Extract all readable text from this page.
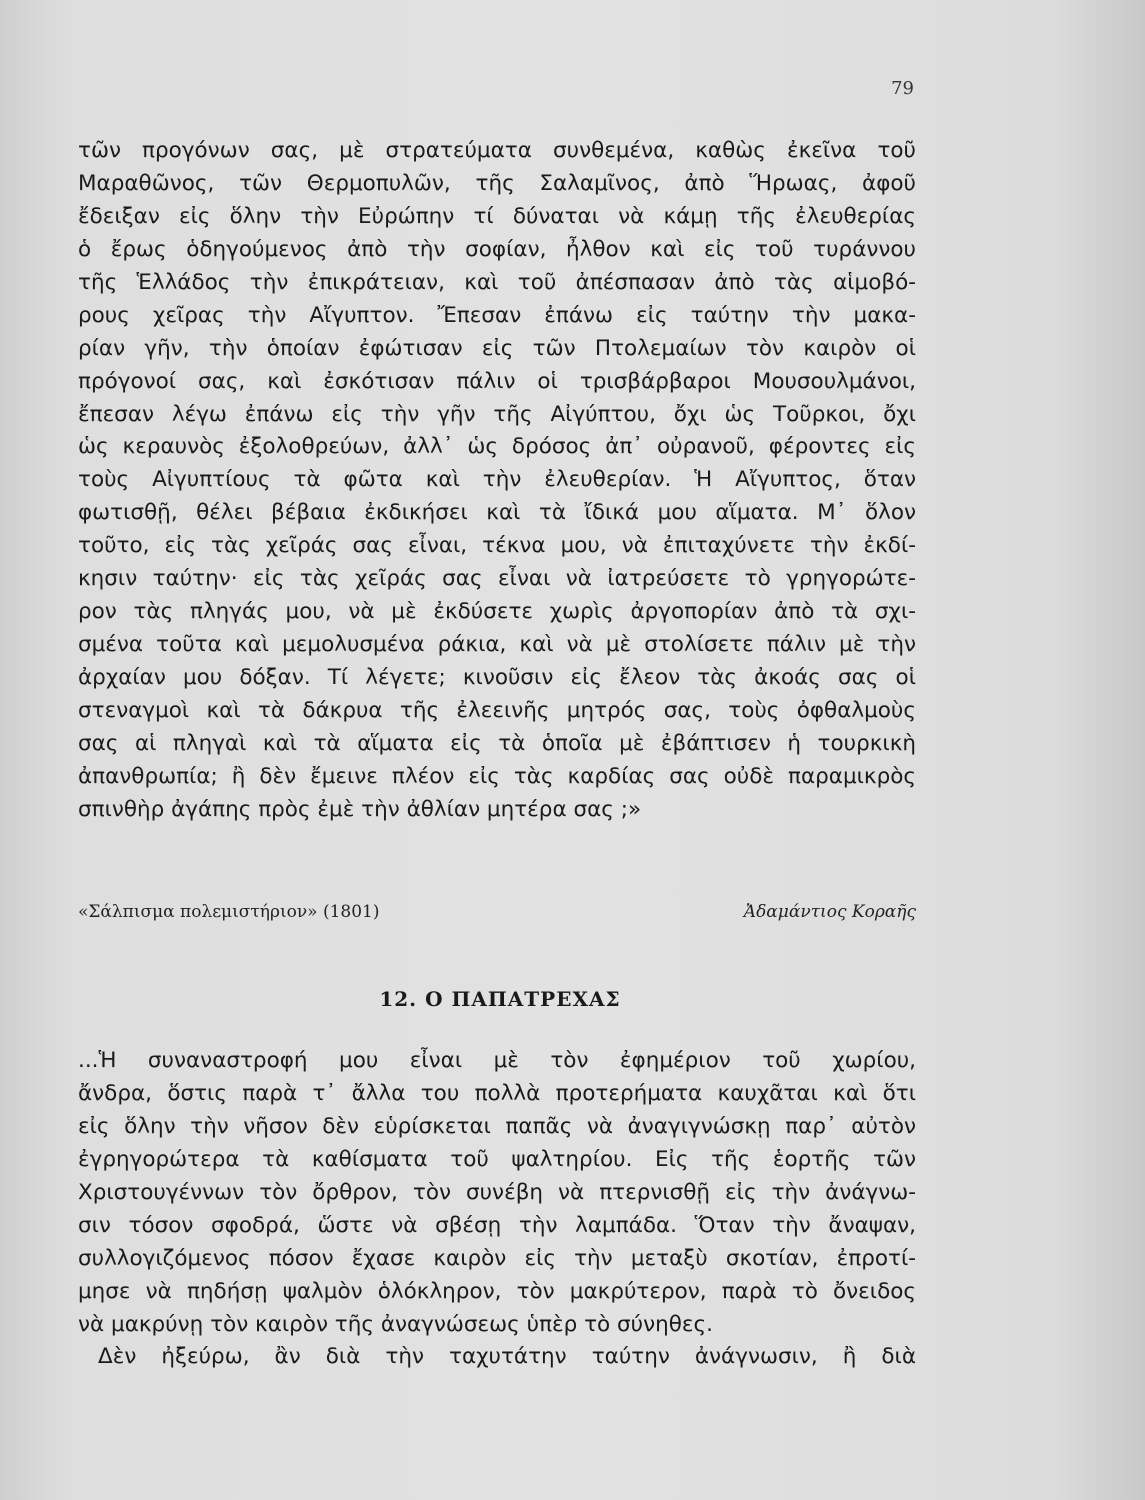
79
τῶν προγόνων σας, μὲ στρατεύματα συνθεμένα, καθὼς ἐκεῖνα τοῦ
Μαραθῶνος, τῶν Θερμοπυλῶν, τῆς Σαλαμῖνος, ἀπὸ Ἥρωας, ἀφοῦ
ἔδειξαν εἰς ὅλην τὴν Εὐρώπην τί δύναται νὰ κάμῃ τῆς ἐλευθερίας
ὁ ἔρως ὁδηγούμενος ἀπὸ τὴν σοφίαν, ἦλθον καὶ εἰς τοῦ τυράννου
τῆς Ἑλλάδος τὴν ἐπικράτειαν, καὶ τοῦ ἀπέσπασαν ἀπὸ τὰς αἱμοβό-
ρους χεῖρας τὴν Αἴγυπτον. Ἔπεσαν ἐπάνω εἰς ταύτην τὴν μακα-
ρίαν γῆν, τὴν ὁποίαν ἐφώτισαν εἰς τῶν Πτολεμαίων τὸν καιρὸν οἱ
πρόγονοί σας, καὶ ἐσκότισαν πάλιν οἱ τρισβάρβαροι Μουσουλμάνοι,
ἔπεσαν λέγω ἐπάνω εἰς τὴν γῆν τῆς Αἰγύπτου, ὄχι ὡς Τοῦρκοι, ὄχι
ὡς κεραυνὸς ἐξολοθρεύων, ἀλλ᾽ ὡς δρόσος ἀπ᾽ οὐρανοῦ, φέροντες εἰς
τοὺς Αἰγυπτίους τὰ φῶτα καὶ τὴν ἐλευθερίαν. Ἡ Αἴγυπτος, ὅταν
φωτισθῇ, θέλει βέβαια ἐκδικήσει καὶ τὰ ἴδικά μου αἵματα. Μ᾽ ὅλον
τοῦτο, εἰς τὰς χεῖράς σας εἶναι, τέκνα μου, νὰ ἐπιταχύνετε τὴν ἐκδί-
κησιν ταύτην· εἰς τὰς χεῖράς σας εἶναι νὰ ἰατρεύσετε τὸ γρηγορώτε-
ρον τὰς πληγάς μου, νὰ μὲ ἐκδύσετε χωρὶς ἀργοπορίαν ἀπὸ τὰ σχι-
σμένα τοῦτα καὶ μεμολυσμένα ράκια, καὶ νὰ μὲ στολίσετε πάλιν μὲ τὴν
ἀρχαίαν μου δόξαν. Τί λέγετε; κινοῦσιν εἰς ἔλεον τὰς ἀκοάς σας οἱ
στεναγμοὶ καὶ τὰ δάκρυα τῆς ἐλεεινῆς μητρός σας, τοὺς ὀφθαλμοὺς
σας αἱ πληγαὶ καὶ τὰ αἵματα εἰς τὰ ὁποῖα μὲ ἐβάπτισεν ἡ τουρκικὴ
ἀπανθρωπία; ἢ δὲν ἔμεινε πλέον εἰς τὰς καρδίας σας οὐδὲ παραμικρὸς
σπινθὴρ ἀγάπης πρὸς ἐμὲ τὴν ἀθλίαν μητέρα σας ;»
«Σάλπισμα πολεμιστήριον» (1801)	Ἀδαμάντιος Κοραῆς
12. Ο ΠΑΠΑΤΡΕΧΑΣ
...Ἡ συναναστροφή μου εἶναι μὲ τὸν ἐφημέριον τοῦ χωρίου,
ἄνδρα, ὅστις παρὰ τ᾽ ἄλλα του πολλὰ προτερήματα καυχᾶται καὶ ὅτι
εἰς ὅλην τὴν νῆσον δὲν εὑρίσκεται παπᾶς νὰ ἀναγιγνώσκῃ παρ᾽ αὐτὸν
ἐγρηγορώτερα τὰ καθίσματα τοῦ ψαλτηρίου. Εἰς τῆς ἑορτῆς τῶν
Χριστουγέννων τὸν ὄρθρον, τὸν συνέβη νὰ πτερνισθῇ εἰς τὴν ἀνάγνω-
σιν τόσον σφοδρά, ὥστε νὰ σβέσῃ τὴν λαμπάδα. Ὅταν τὴν ἄναψαν,
συλλογιζόμενος πόσον ἔχασε καιρὸν εἰς τὴν μεταξὺ σκοτίαν, ἐπροτί-
μησε νὰ πηδήσῃ ψαλμὸν ὁλόκληρον, τὸν μακρύτερον, παρὰ τὸ ὄνειδος
νὰ μακρύνῃ τὸν καιρὸν τῆς ἀναγνώσεως ὑπὲρ τὸ σύνηθες.
Δὲν ἠξεύρω, ἂν διὰ τὴν ταχυτάτην ταύτην ἀνάγνωσιν, ἢ διὰ
